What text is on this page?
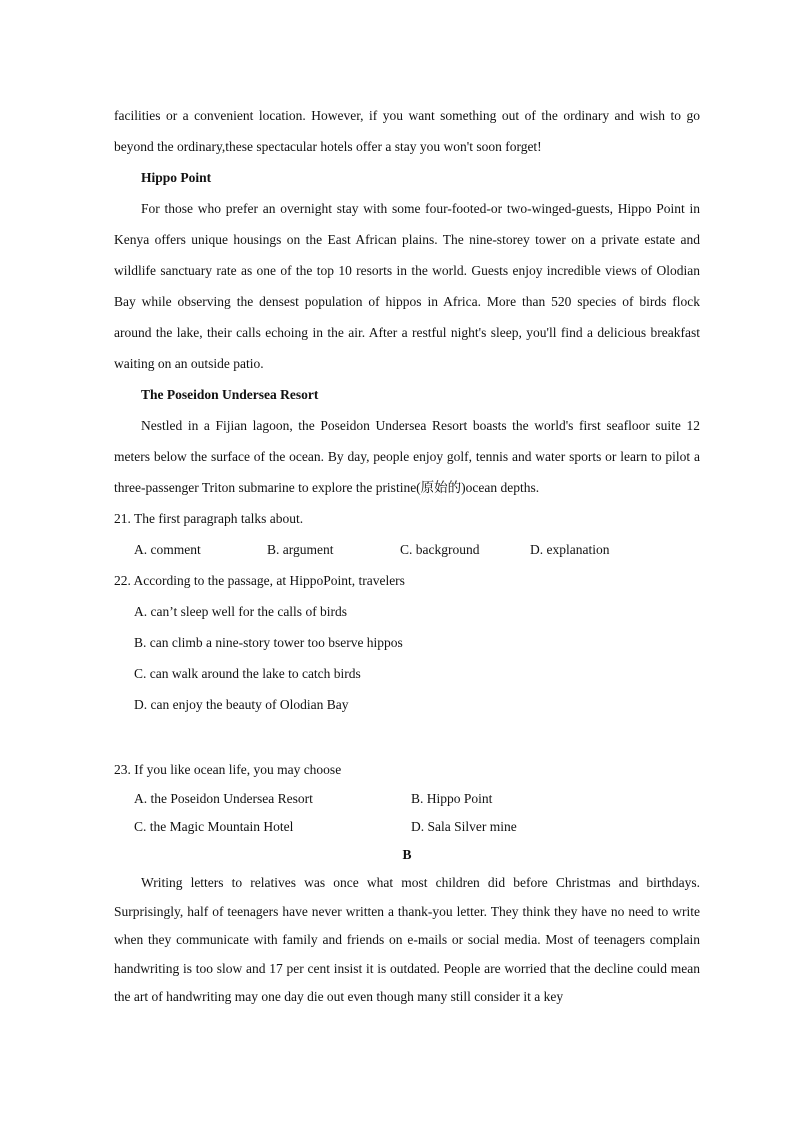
facilities or a convenient location. However, if you want something out of the ordinary and wish to go beyond the ordinary,these spectacular hotels offer a stay you won't soon forget!

Hippo Point

For those who prefer an overnight stay with some four-footed-or two-winged-guests, Hippo Point in Kenya offers unique housings on the East African plains. The nine-storey tower on a private estate and wildlife sanctuary rate as one of the top 10 resorts in the world. Guests enjoy incredible views of Olodian Bay while observing the densest population of hippos in Africa. More than 520 species of birds flock around the lake, their calls echoing in the air. After a restful night's sleep, you'll find a delicious breakfast waiting on an outside patio.

The Poseidon Undersea Resort

Nestled in a Fijian lagoon, the Poseidon Undersea Resort boasts the world's first seafloor suite 12 meters below the surface of the ocean. By day, people enjoy golf, tennis and water sports or learn to pilot a three-passenger Triton submarine to explore the pristine(原始的)ocean depths.

21. The first paragraph talks about.

A. comment	B. argument	C. background	D. explanation

22. According to the passage, at HippoPoint, travelers

A. can’t sleep well for the calls of birds

B. can climb a nine-story tower too bserve hippos

C. can walk around the lake to catch birds

D. can enjoy the beauty of Olodian Bay

23. If you like ocean life, you may choose

A. the Poseidon Undersea Resort	B. Hippo Point
C. the Magic Mountain Hotel	D. Sala Silver mine

B

Writing letters to relatives was once what most children did before Christmas and birthdays. Surprisingly, half of teenagers have never written a thank-you letter. They think they have no need to write when they communicate with family and friends on e-mails or social media. Most of teenagers complain handwriting is too slow and 17 per cent insist it is outdated. People are worried that the decline could mean the art of handwriting may one day die out even though many still consider it a key
